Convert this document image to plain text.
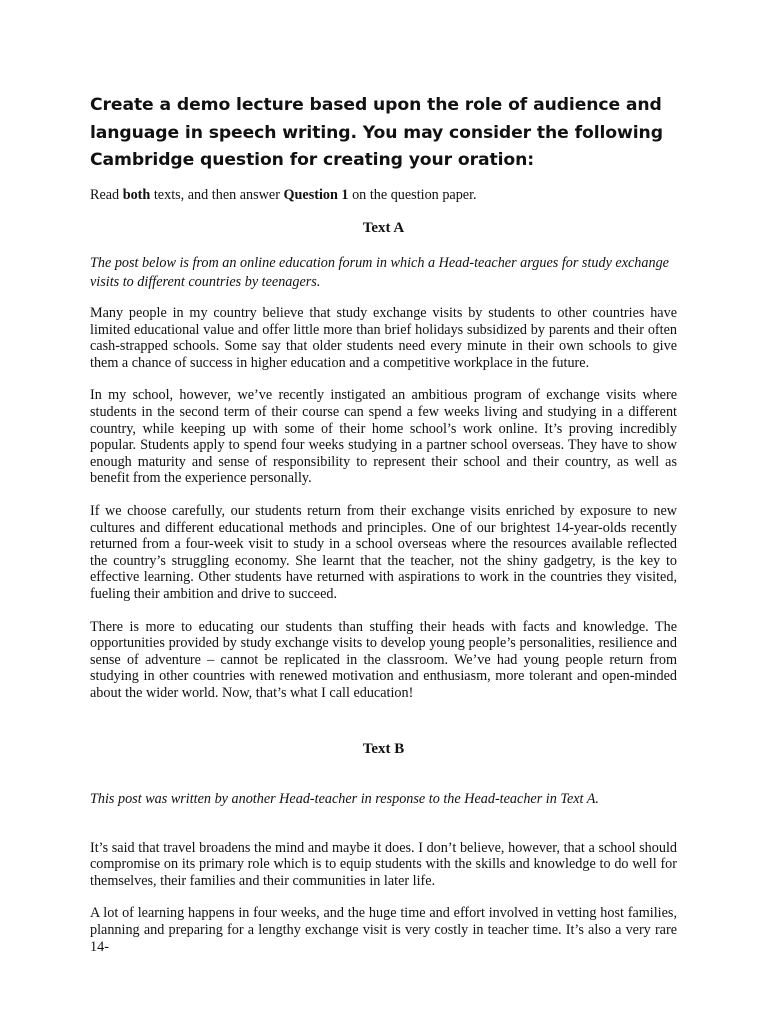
Create a demo lecture based upon the role of audience and language in speech writing. You may consider the following Cambridge question for creating your oration:

Read both texts, and then answer Question 1 on the question paper.

Text A

The post below is from an online education forum in which a Head-teacher argues for study exchange visits to different countries by teenagers.

Many people in my country believe that study exchange visits by students to other countries have limited educational value and offer little more than brief holidays subsidized by parents and their often cash-strapped schools. Some say that older students need every minute in their own schools to give them a chance of success in higher education and a competitive workplace in the future.

In my school, however, we’ve recently instigated an ambitious program of exchange visits where students in the second term of their course can spend a few weeks living and studying in a different country, while keeping up with some of their home school’s work online. It’s proving incredibly popular. Students apply to spend four weeks studying in a partner school overseas. They have to show enough maturity and sense of responsibility to represent their school and their country, as well as benefit from the experience personally.

If we choose carefully, our students return from their exchange visits enriched by exposure to new cultures and different educational methods and principles. One of our brightest 14-year-olds recently returned from a four-week visit to study in a school overseas where the resources available reflected the country’s struggling economy. She learnt that the teacher, not the shiny gadgetry, is the key to effective learning. Other students have returned with aspirations to work in the countries they visited, fueling their ambition and drive to succeed.

There is more to educating our students than stuffing their heads with facts and knowledge. The opportunities provided by study exchange visits to develop young people’s personalities, resilience and sense of adventure – cannot be replicated in the classroom. We’ve had young people return from studying in other countries with renewed motivation and enthusiasm, more tolerant and open-minded about the wider world. Now, that’s what I call education!

Text B

This post was written by another Head-teacher in response to the Head-teacher in Text A.

It’s said that travel broadens the mind and maybe it does. I don’t believe, however, that a school should compromise on its primary role which is to equip students with the skills and knowledge to do well for themselves, their families and their communities in later life.

A lot of learning happens in four weeks, and the huge time and effort involved in vetting host families, planning and preparing for a lengthy exchange visit is very costly in teacher time. It’s also a very rare 14-
